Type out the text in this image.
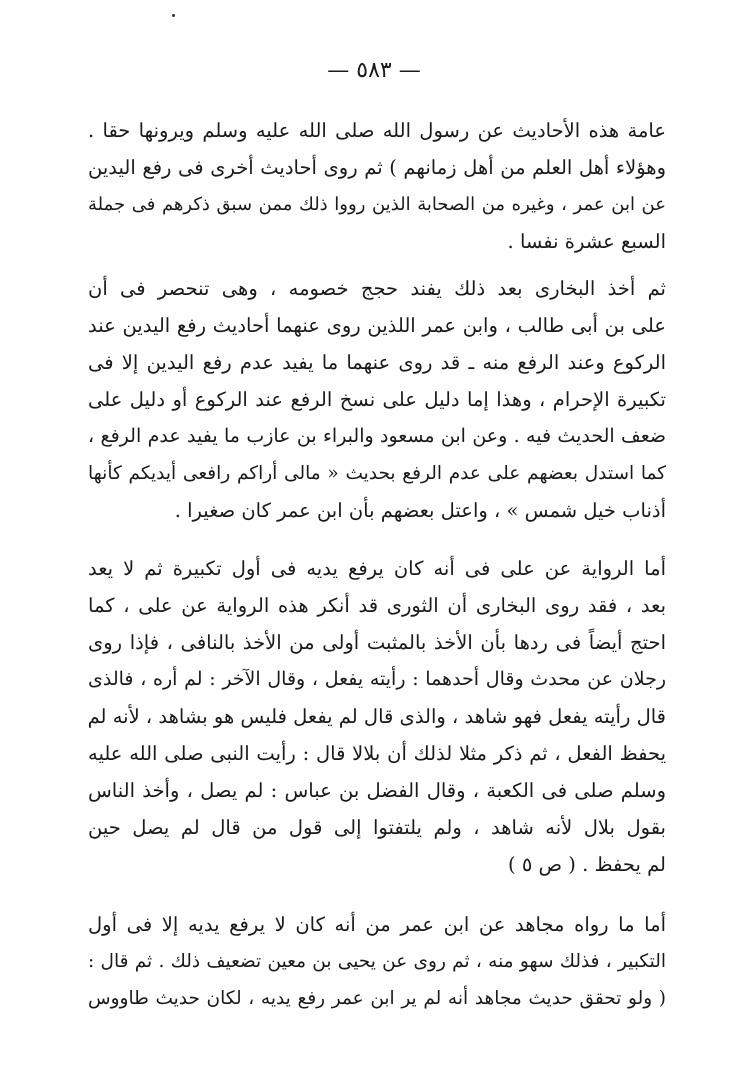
— ٥٨٣ —
عامة هذه الأحاديث عن رسول الله صلى الله عليه وسلم ويرونها حقا .
وهؤلاء أهل العلم من أهل زمانهم ) ثم روى أحاديث أخرى فى رفع اليدين
عن ابن عمر ، وغيره من الصحابة الذين رووا ذلك ممن سبق ذكرهم فى جملة
السبع عشرة نفسا .
ثم أخذ البخارى بعد ذلك يفند حجج خصومه ، وهى تنحصر فى أن
على بن أبى طالب ، وابن عمر اللذين روى عنهما أحاديث رفع اليدين عند
الركوع وعند الرفع منه ـ قد روى عنهما ما يفيد عدم رفع اليدين إلا فى
تكبيرة الإحرام ، وهذا إما دليل على نسخ الرفع عند الركوع أو دليل على
ضعف الحديث فيه . وعن ابن مسعود والبراء بن عازب ما يفيد عدم الرفع ،
كما استدل بعضهم على عدم الرفع بحديث « مالى أراكم رافعى أيديكم كأنها
أذناب خيل شمس » ، واعتل بعضهم بأن ابن عمر كان صغيرا .
أما الرواية عن على فى أنه كان يرفع يديه فى أول تكبيرة ثم لا يعد
بعد ، فقد روى البخارى أن الثورى قد أنكر هذه الرواية عن على ، كما
احتج أيضاً فى ردها بأن الأخذ بالمثبت أولى من الأخذ بالنافى ، فإذا روى
رجلان عن محدث وقال أحدهما : رأيته يفعل ، وقال الآخر : لم أره ، فالذى
قال رأيته يفعل فهو شاهد ، والذى قال لم يفعل فليس هو بشاهد ، لأنه لم
يحفظ الفعل ، ثم ذكر مثلا لذلك أن بلالا قال : رأيت النبى صلى الله عليه
وسلم صلى فى الكعبة ، وقال الفضل بن عباس : لم يصل ، وأخذ الناس
بقول بلال لأنه شاهد ، ولم يلتفتوا إلى قول من قال لم يصل حين
لم يحفظ . ( ص ٥ )
أما ما رواه مجاهد عن ابن عمر من أنه كان لا يرفع يديه إلا فى أول
التكبير ، فذلك سهو منه ، ثم روى عن يحيى بن معين تضعيف ذلك . ثم قال :
( ولو تحقق حديث مجاهد أنه لم ير ابن عمر رفع يديه ، لكان حديث طاووس
